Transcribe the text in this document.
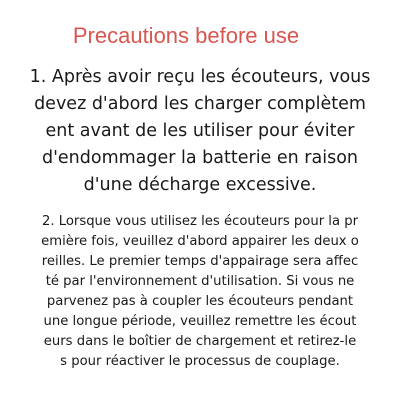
Precautions before use
1. Après avoir reçu les écouteurs, vous
devez d'abord les charger complètem
ent avant de les utiliser pour éviter
d'endommager la batterie en raison
d'une décharge excessive.
2. Lorsque vous utilisez les écouteurs pour la pr
emière fois, veuillez d'abord appairer les deux o
reilles. Le premier temps d'appairage sera affec
té par l'environnement d'utilisation. Si vous ne
parvenez pas à coupler les écouteurs pendant
une longue période, veuillez remettre les écout
eurs dans le boîtier de chargement et retirez-le
s pour réactiver le processus de couplage.
